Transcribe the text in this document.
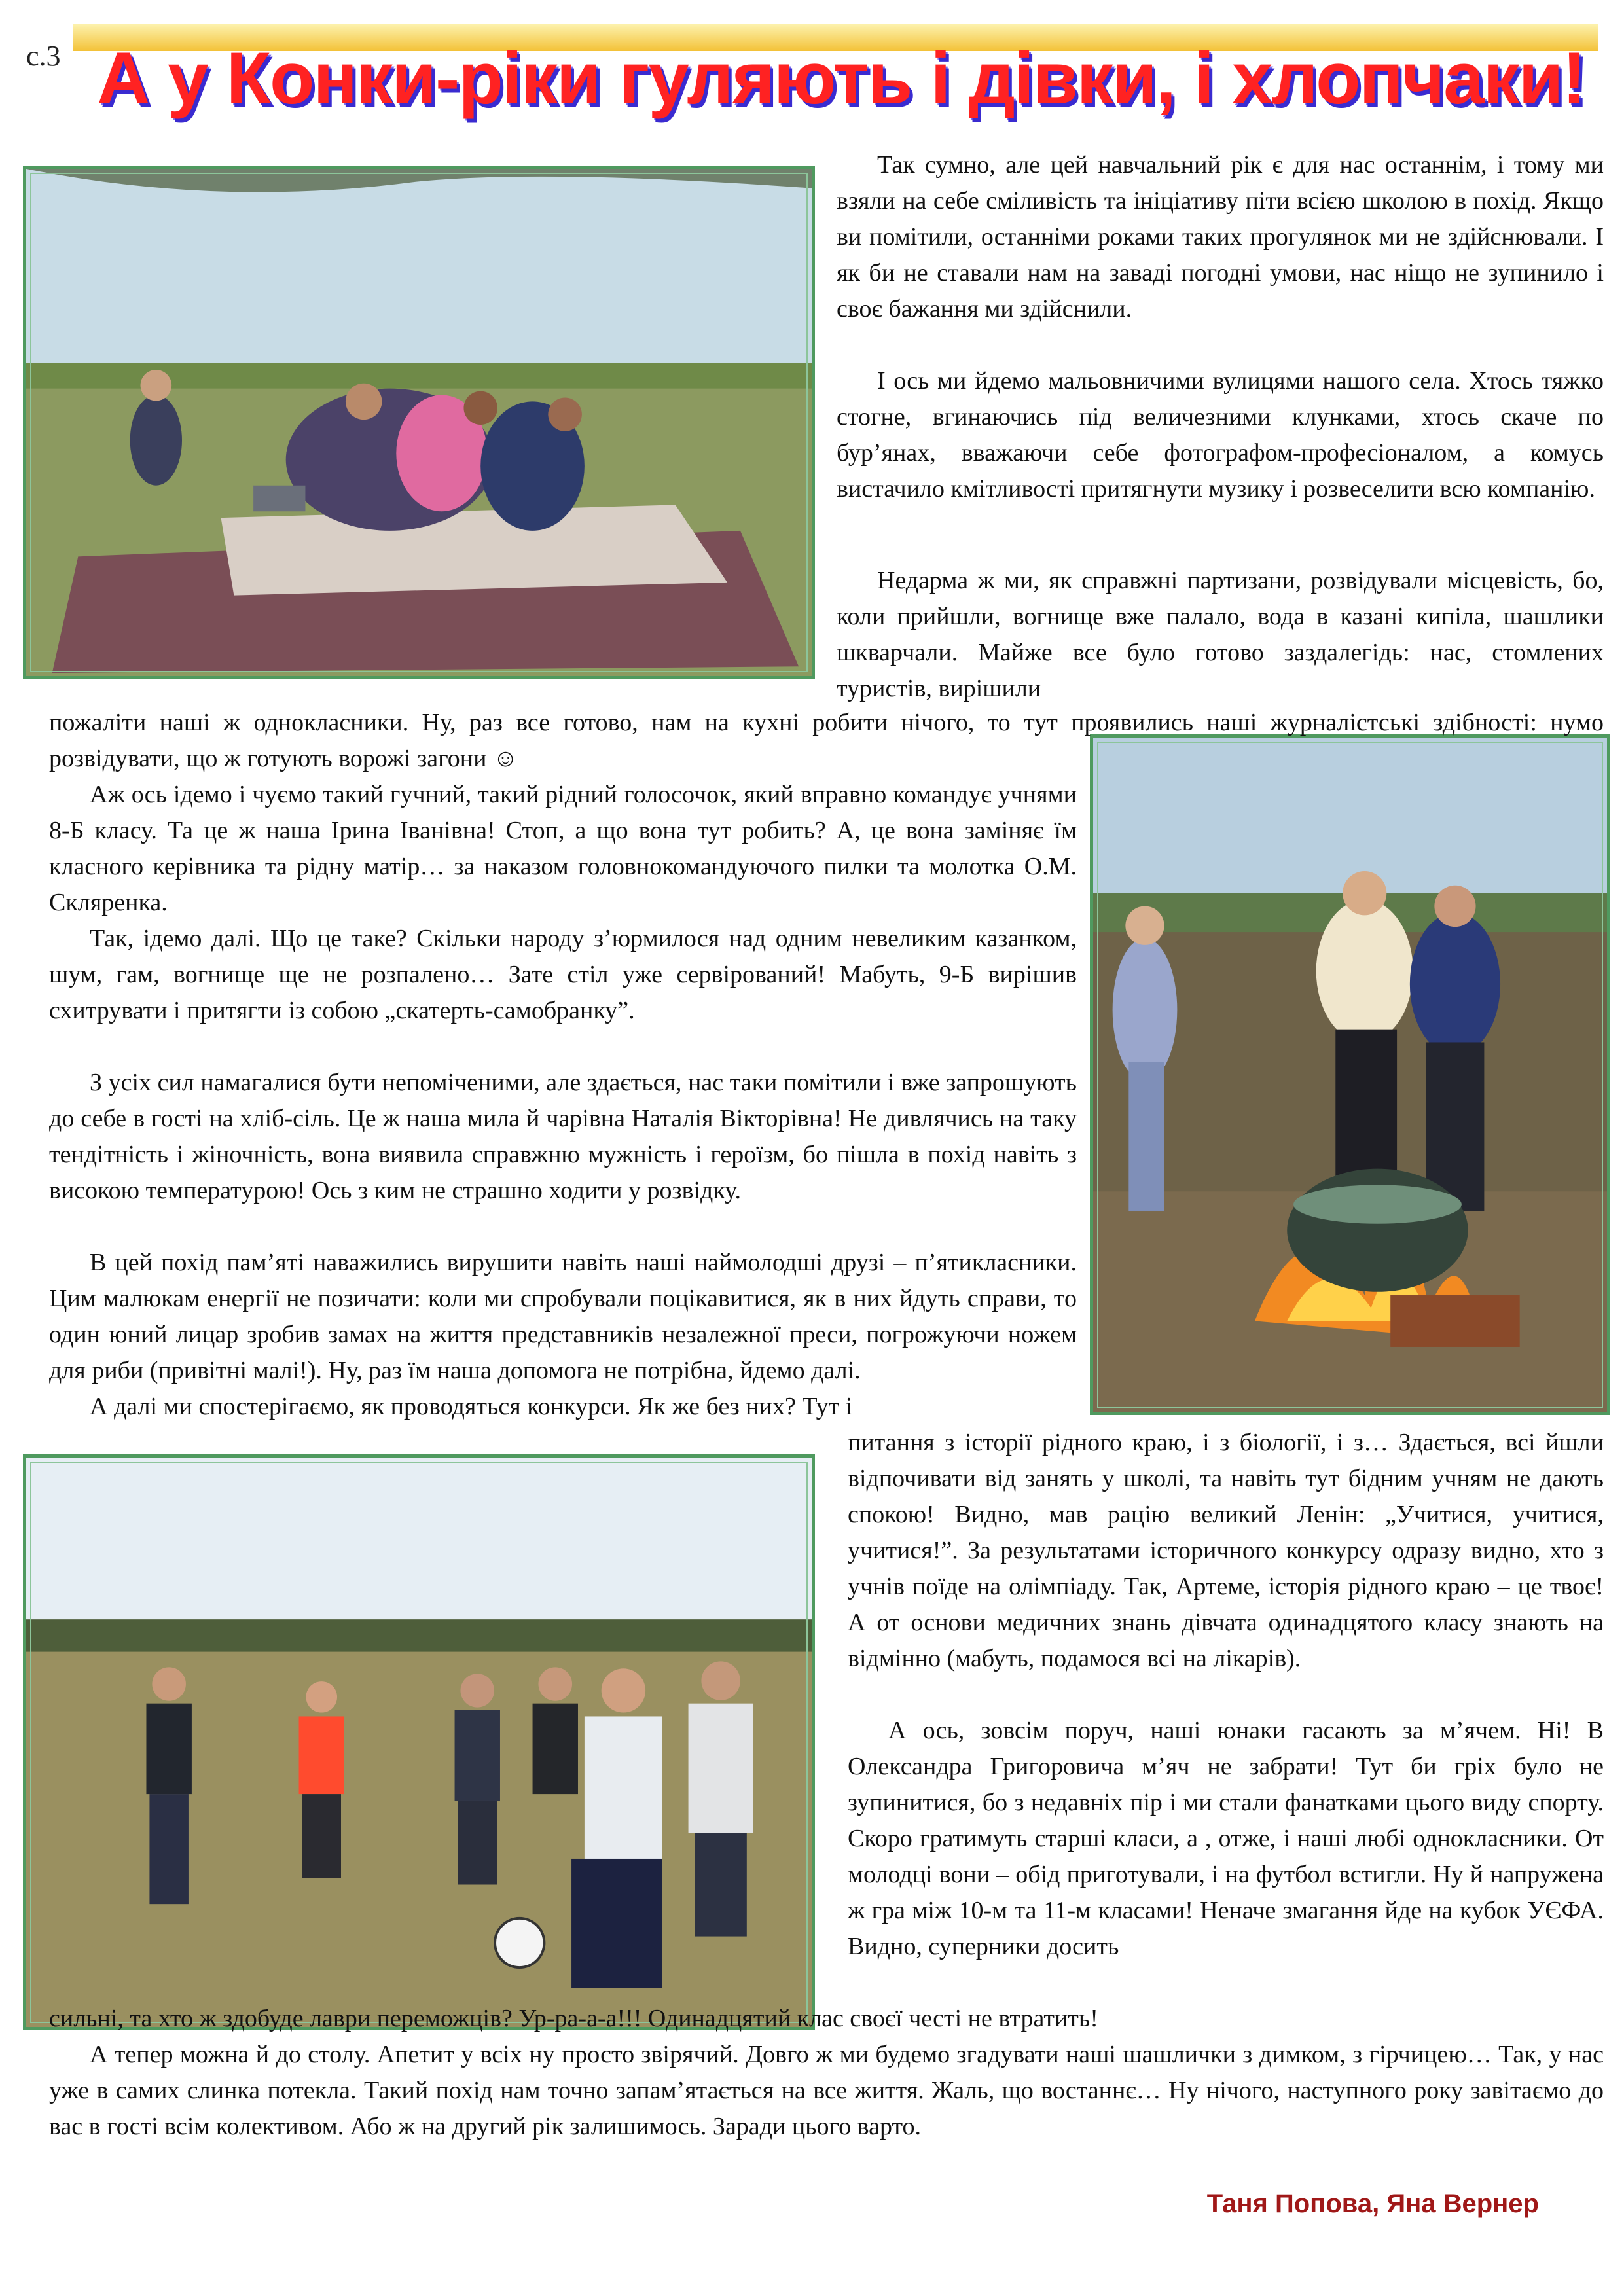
с.3 А у Конки-ріки гуляють і дівки, і хлопчаки!

Так сумно, але цей навчальний рік є для нас останнім, і тому ми взяли на себе сміливість та ініціативу піти всією школою в похід. Якщо ви помітили, останніми роками таких прогулянок ми не здійснювали. І як би не ставали нам на заваді погодні умови, нас ніщо не зупинило і своє бажання ми здійснили.

І ось ми йдемо мальовничими вулицями нашого села. Хтось тяжко стогне, вгинаючись під величезними клунками, хтось скаче по бур’янах, вважаючи себе фотографом-професіоналом, а комусь вистачило кмітливості притягнути музику і розвеселити всю компанію.

Недарма ж ми, як справжні партизани, розвідували місцевість, бо, коли прийшли, вогнище вже палало, вода в казані кипіла, шашлики шкварчали. Майже все було готово заздалегідь: нас, стомлених туристів, вирішили

пожаліти наші ж однокласники. Ну, раз все готово, нам на кухні робити нічого, то тут проявились наші журналістські здібності: нумо розвідувати, що ж готують ворожі загони ☺

Аж ось ідемо і чуємо такий гучний, такий рідний голосочок, який вправно командує учнями 8-Б класу. Та це ж наша Ірина Іванівна! Стоп, а що вона тут робить? А, це вона заміняє їм класного керівника та рідну матір… за наказом головнокомандуючого пилки та молотка О.М. Скляренка.

Так, ідемо далі. Що це таке? Скільки народу з’юрмилося над одним невеликим казанком, шум, гам, вогнище ще не розпалено… Зате стіл уже сервірований! Мабуть, 9-Б вирішив схитрувати і притягти із собою „скатерть-самобранку”.

З усіх сил намагалися бути непоміченими, але здається, нас таки помітили і вже запрошують до себе в гості на хліб-сіль. Це ж наша мила й чарівна Наталія Вікторівна! Не дивлячись на таку тендітність і жіночність, вона виявила справжню мужність і героїзм, бо пішла в похід навіть з високою температурою! Ось з ким не страшно ходити у розвідку.

В цей похід пам’яті наважились вирушити навіть наші наймолодші друзі – п’ятикласники. Цим малюкам енергії не позичати: коли ми спробували поцікавитися, як в них йдуть справи, то один юний лицар зробив замах на життя представників незалежної преси, погрожуючи ножем для риби (привітні малі!). Ну, раз їм наша допомога не потрібна, йдемо далі.

А далі ми спостерігаємо, як проводяться конкурси. Як же без них? Тут і

питання з історії рідного краю, і з біології, і з… Здається, всі йшли відпочивати від занять у школі, та навіть тут бідним учням не дають спокою! Видно, мав рацію великий Ленін: „Учитися, учитися, учитися!”. За результатами історичного конкурсу одразу видно, хто з учнів поїде на олімпіаду. Так, Артеме, історія рідного краю – це твоє! А от основи медичних знань дівчата одинадцятого класу знають на відмінно (мабуть, подамося всі на лікарів).

А ось, зовсім поруч, наші юнаки гасають за м’ячем. Ні! В Олександра Григоровича м’яч не забрати! Тут би гріх було не зупинитися, бо з недавніх пір і ми стали фанатками цього виду спорту. Скоро гратимуть старші класи, а , отже, і наші любі однокласники. От молодці вони – обід приготували, і на футбол встигли. Ну й напружена ж гра між 10-м та 11-м класами! Неначе змагання йде на кубок УЄФА. Видно, суперники досить

сильні, та хто ж здобуде лаври переможців? Ур-ра-а-а!!! Одинадцятий клас своєї честі не втратить!

А тепер можна й до столу. Апетит у всіх ну просто звірячий. Довго ж ми будемо згадувати наші шашлички з димком, з гірчицею… Так, у нас уже в самих слинка потекла. Такий похід нам точно запам’ятається на все життя. Жаль, що востаннє… Ну нічого, наступного року завітаємо до вас в гості всім колективом. Або ж на другий рік залишимось. Заради цього варто.

Таня Попова, Яна Вернер
